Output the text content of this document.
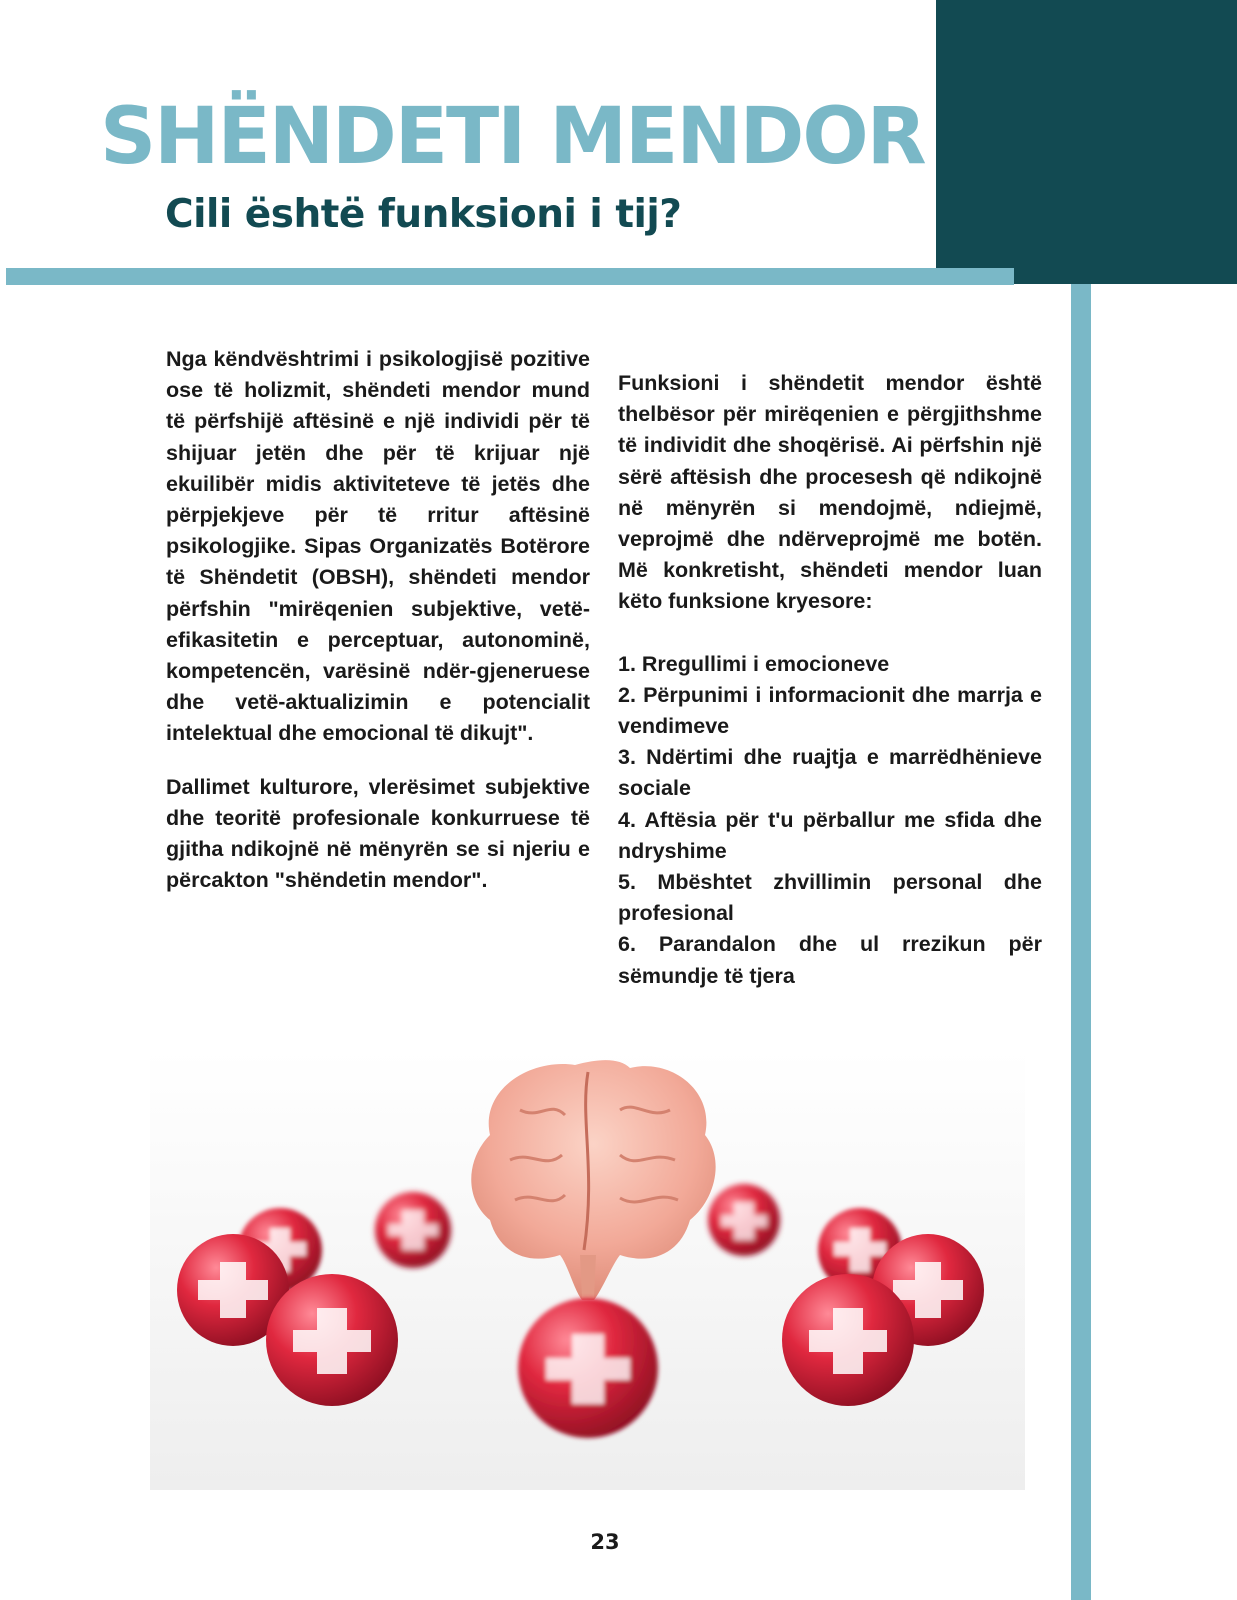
SHËNDETI MENDOR
Cili është funksioni i tij?

Nga këndvështrimi i psikologjisë pozitive ose të holizmit, shëndeti mendor mund të përfshijë aftësinë e një individi për të shijuar jetën dhe për të krijuar një ekuilibër midis aktiviteteve të jetës dhe përpjekjeve për të rritur aftësinë psikologjike. Sipas Organizatës Botërore të Shëndetit (OBSH), shëndeti mendor përfshin "mirëqenien subjektive, vetë-efikasitetin e perceptuar, autonominë, kompetencën, varësinë ndër-gjeneruese dhe vetë-aktualizimin e potencialit intelektual dhe emocional të dikujt".

Dallimet kulturore, vlerësimet subjektive dhe teoritë profesionale konkurruese të gjitha ndikojnë në mënyrën se si njeriu e përcakton "shëndetin mendor".

Funksioni i shëndetit mendor është thelbësor për mirëqenien e përgjithshme të individit dhe shoqërisë. Ai përfshin një sërë aftësish dhe procesesh që ndikojnë në mënyrën si mendojmë, ndiejmë, veprojmë dhe ndërveprojmë me botën. Më konkretisht, shëndeti mendor luan këto funksione kryesore:

1. Rregullimi i emocioneve
2. Përpunimi i informacionit dhe marrja e vendimeve
3. Ndërtimi dhe ruajtja e marrëdhënieve sociale
4. Aftësia për t'u përballur me sfida dhe ndryshime
5. Mbështet zhvillimin personal dhe profesional
6. Parandalon dhe ul rrezikun për sëmundje të tjera
23
